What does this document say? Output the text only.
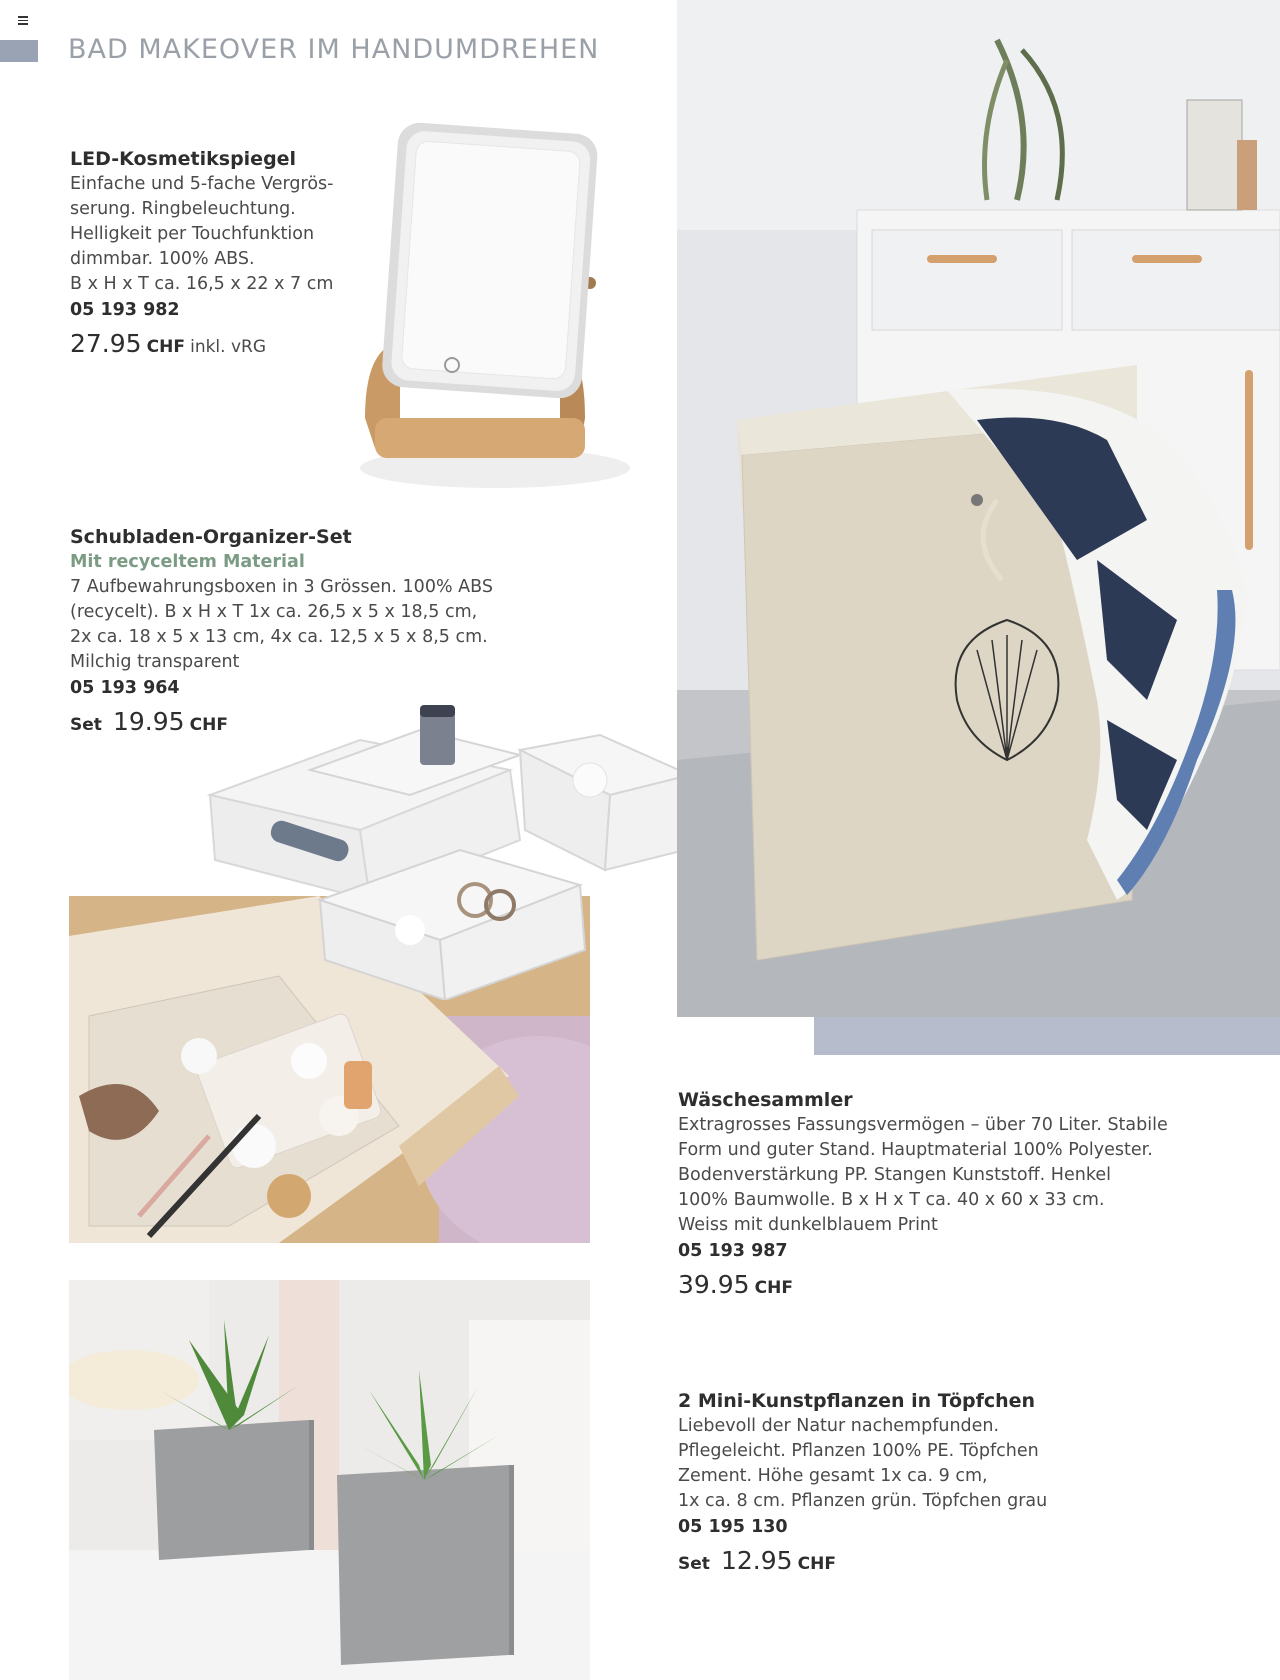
BAD MAKEOVER IM HANDUMDREHEN
LED-Kosmetikspiegel
Einfache und 5-fache Vergrös-
serung. Ringbeleuchtung.
Helligkeit per Touchfunktion
dimmbar. 100% ABS.
B x H x T ca. 16,5 x 22 x 7 cm
05 193 982
27.95 CHF inkl. vRG
Schubladen-Organizer-Set
Mit recyceltem Material
7 Aufbewahrungsboxen in 3 Grössen. 100% ABS
(recycelt). B x H x T 1x ca. 26,5 x 5 x 18,5 cm,
2x ca. 18 x 5 x 13 cm, 4x ca. 12,5 x 5 x 8,5 cm.
Milchig transparent
05 193 964
Set 19.95 CHF
Wäschesammler
Extragrosses Fassungsvermögen – über 70 Liter. Stabile
Form und guter Stand. Hauptmaterial 100% Polyester.
Bodenverstärkung PP. Stangen Kunststoff. Henkel
100% Baumwolle. B x H x T ca. 40 x 60 x 33 cm.
Weiss mit dunkelblauem Print
05 193 987
39.95 CHF
2 Mini-Kunstpflanzen in Töpfchen
Liebevoll der Natur nachempfunden.
Pflegeleicht. Pflanzen 100% PE. Töpfchen
Zement. Höhe gesamt 1x ca. 9 cm,
1x ca. 8 cm. Pflanzen grün. Töpfchen grau
05 195 130
Set 12.95 CHF
